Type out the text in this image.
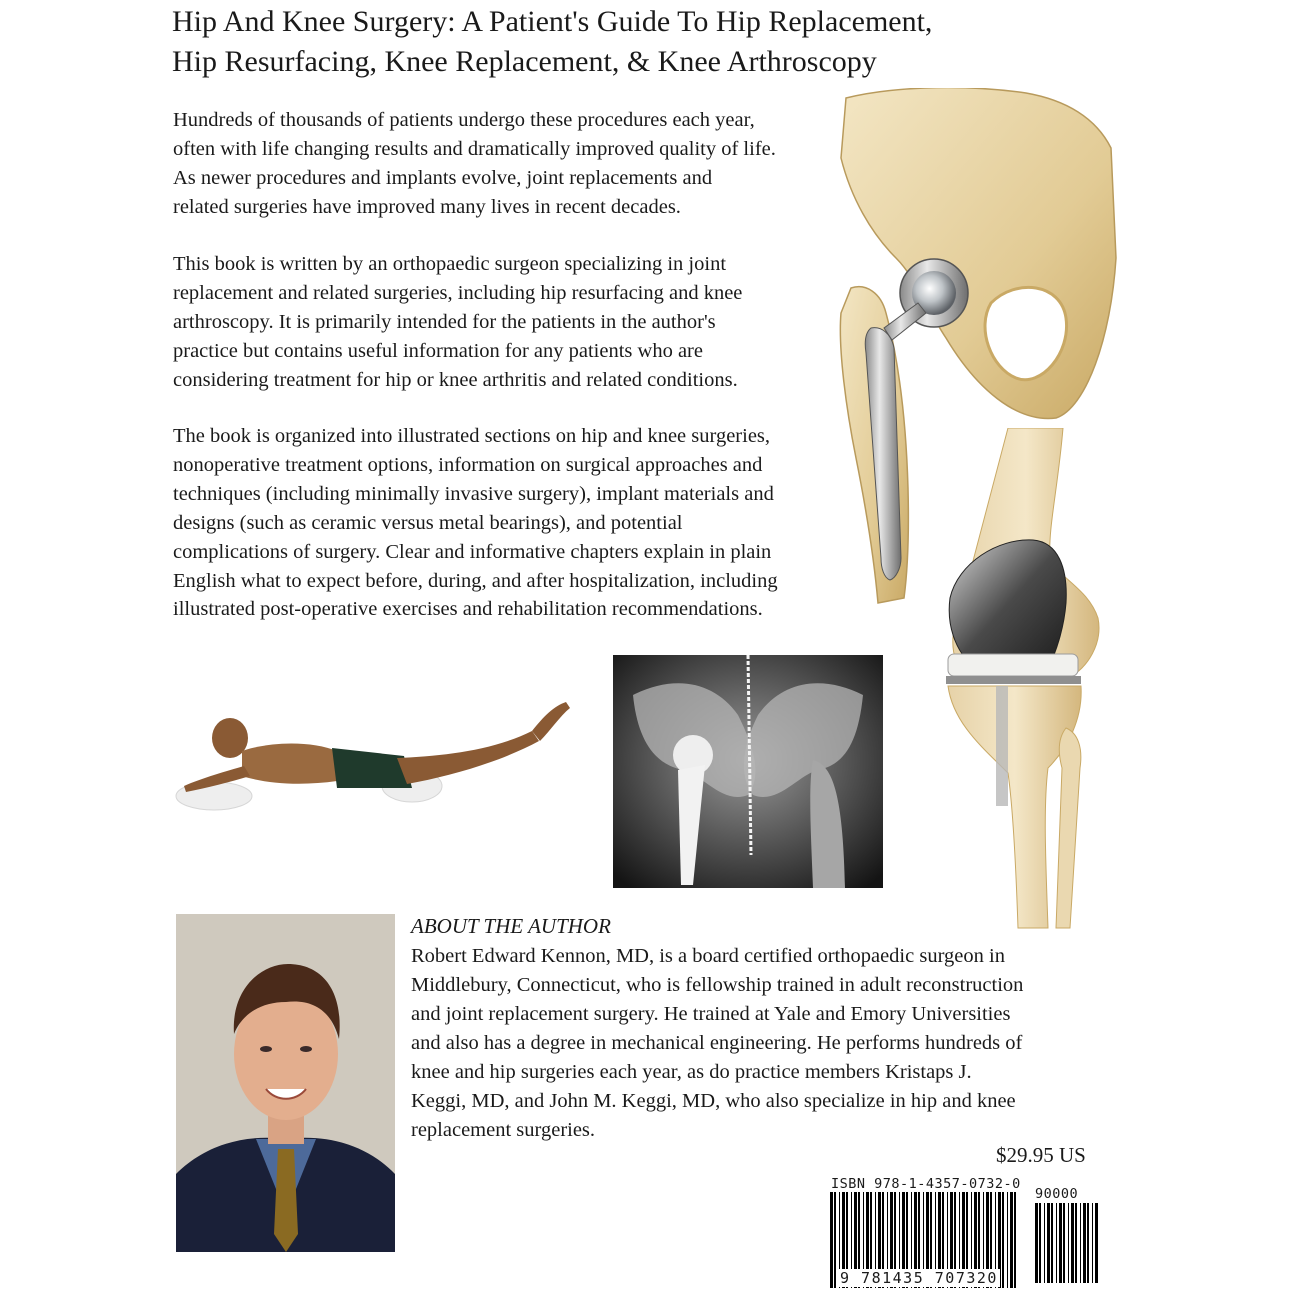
Hip And Knee Surgery: A Patient's Guide To Hip Replacement,
Hip Resurfacing, Knee Replacement, & Knee Arthroscopy

Hundreds of thousands of patients undergo these procedures each year,
often with life changing results and dramatically improved quality of life.
As newer procedures and implants evolve, joint replacements and
related surgeries have improved many lives in recent decades.

This book is written by an orthopaedic surgeon specializing in joint
replacement and related surgeries, including hip resurfacing and knee
arthroscopy. It is primarily intended for the patients in the author's
practice but contains useful information for any patients who are
considering treatment for hip or knee arthritis and related conditions.

The book is organized into illustrated sections on hip and knee surgeries,
nonoperative treatment options, information on surgical approaches and
techniques (including minimally invasive surgery), implant materials and
designs (such as ceramic versus metal bearings), and potential
complications of surgery. Clear and informative chapters explain in plain
English what to expect before, during, and after hospitalization, including
illustrated post-operative exercises and rehabilitation recommendations.

ABOUT THE AUTHOR

Robert Edward Kennon, MD, is a board certified orthopaedic surgeon in
Middlebury, Connecticut, who is fellowship trained in adult reconstruction
and joint replacement surgery. He trained at Yale and Emory Universities
and also has a degree in mechanical engineering. He performs hundreds of
knee and hip surgeries each year, as do practice members Kristaps J.
Keggi, MD, and John M. Keggi, MD, who also specialize in hip and knee
replacement surgeries.

$29.95 US
ISBN 978-1-4357-0732-0
90000
9 781435 707320
